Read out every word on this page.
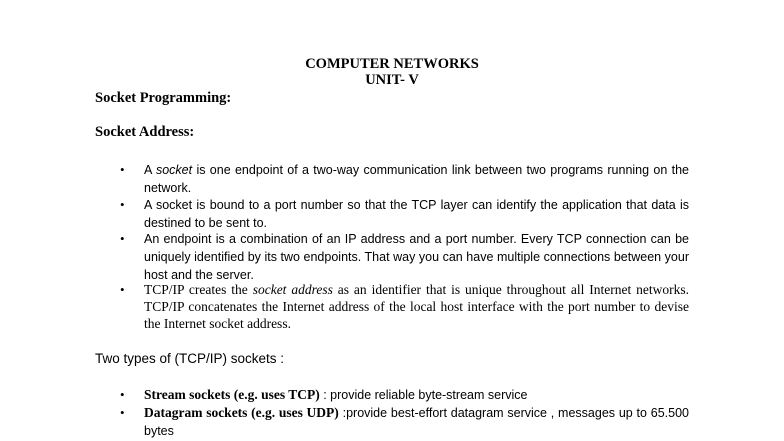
COMPUTER NETWORKS
UNIT- V
Socket Programming:
Socket Address:
• A socket is one endpoint of a two-way communication link between two programs running on the network.
• A socket is bound to a port number so that the TCP layer can identify the application that data is destined to be sent to.
• An endpoint is a combination of an IP address and a port number. Every TCP connection can be uniquely identified by its two endpoints. That way you can have multiple connections between your host and the server.
• TCP/IP creates the socket address as an identifier that is unique throughout all Internet networks. TCP/IP concatenates the Internet address of the local host interface with the port number to devise the Internet socket address.
Two types of (TCP/IP) sockets :
• Stream sockets (e.g. uses TCP) : provide reliable byte-stream service
• Datagram sockets (e.g. uses UDP) :provide best-effort datagram service , messages up to 65.500 bytes
